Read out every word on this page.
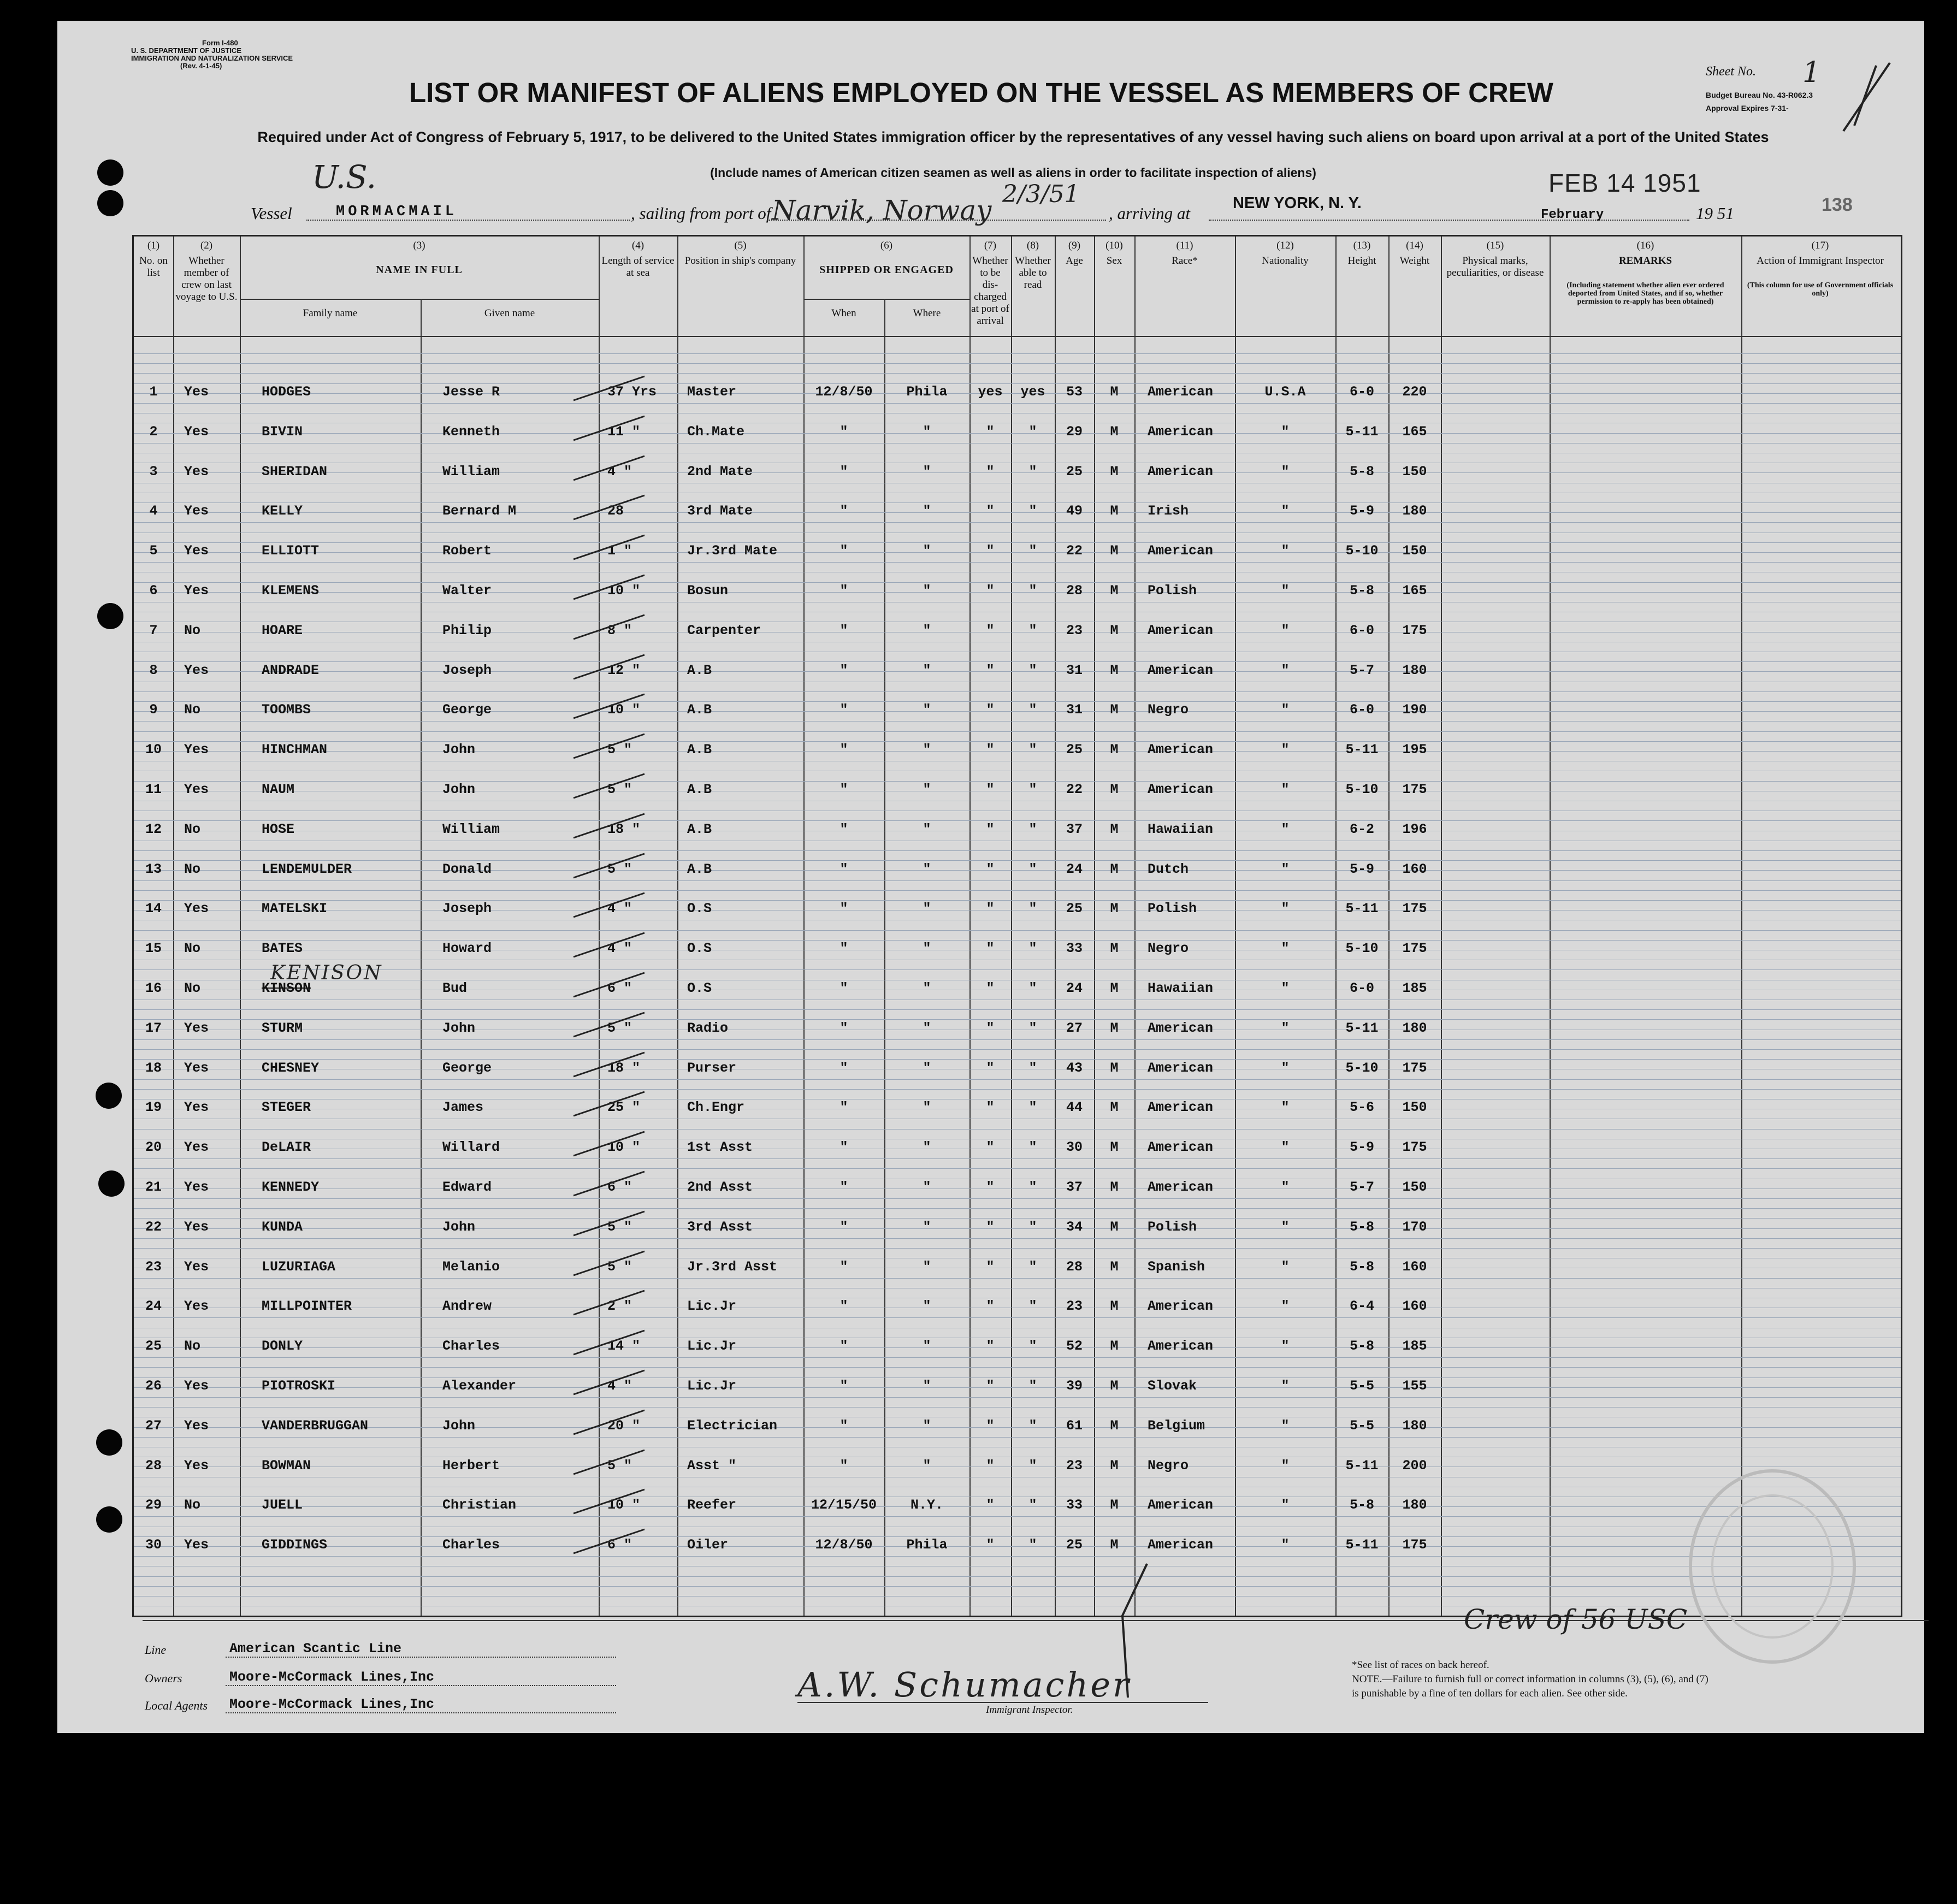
Form I-480
U. S. DEPARTMENT OF JUSTICE
IMMIGRATION AND NATURALIZATION SERVICE
(Rev. 4-1-45)
LIST OR MANIFEST OF ALIENS EMPLOYED ON THE VESSEL AS MEMBERS OF CREW
Sheet No. 1
Budget Bureau No. 43-R062.3
Approval Expires 7-31-
Required under Act of Congress of February 5, 1917, to be delivered to the United States immigration officer by the representatives of any vessel having such aliens on board upon arrival at a port of the United States
(Include names of American citizen seamen as well as aliens in order to facilitate inspection of aliens)
U.S.
Vessel	MORMACMAIL	, sailing from port of Narvik, Norway
2/3/51
, arriving at
NEW YORK, N. Y.
February	19 51
FEB 14 1951
138
(1)
No. on list
(2)
Whether member of crew on last voyage to U.S.
(3)
NAME IN FULL
Family name	Given name
(4)
Length of service at sea
(5)
Position in ship's company
(6)
SHIPPED OR ENGAGED
When	Where
(7)
Whether to be dis-charged at port of arrival
(8)
Whether able to read
(9)
Age
(10)
Sex
(11)
Race*
(12)
Nationality
(13)
Height
(14)
Weight
(15)
Physical marks, peculiarities, or disease
(16)
REMARKS
(Including statement whether alien ever ordered deported from United States, and if so, whether permission to re-apply has been obtained)
(17)
Action of Immigrant Inspector
(This column for use of Government officials only)
1	Yes	HODGES	Jesse R	37 Yrs	Master	12/8/50	Phila	yes	yes	53	M	American	U.S.A	6-0	220
2	Yes	BIVIN	Kenneth	11 "	Ch.Mate	"	"	"	"	29	M	American	"	5-11	165
3	Yes	SHERIDAN	William	4 "	2nd Mate	"	"	"	"	25	M	American	"	5-8	150
4	Yes	KELLY	Bernard M	28	3rd Mate	"	"	"	"	49	M	Irish	"	5-9	180
5	Yes	ELLIOTT	Robert	1 "	Jr.3rd Mate	"	"	"	"	22	M	American	"	5-10	150
6	Yes	KLEMENS	Walter	10 "	Bosun	"	"	"	"	28	M	Polish	"	5-8	165
7	No	HOARE	Philip	8 "	Carpenter	"	"	"	"	23	M	American	"	6-0	175
8	Yes	ANDRADE	Joseph	12 "	A.B	"	"	"	"	31	M	American	"	5-7	180
9	No	TOOMBS	George	10 "	A.B	"	"	"	"	31	M	Negro	"	6-0	190
10	Yes	HINCHMAN	John	5 "	A.B	"	"	"	"	25	M	American	"	5-11	195
11	Yes	NAUM	John	5 "	A.B	"	"	"	"	22	M	American	"	5-10	175
12	No	HOSE	William	18 "	A.B	"	"	"	"	37	M	Hawaiian	"	6-2	196
13	No	LENDEMULDER	Donald	5 "	A.B	"	"	"	"	24	M	Dutch	"	5-9	160
14	Yes	MATELSKI	Joseph	4 "	O.S	"	"	"	"	25	M	Polish	"	5-11	175
15	No	BATES	Howard	4 "	O.S	"	"	"	"	33	M	Negro	"	5-10	175
16	No	KINSON	Bud	6 "	O.S	"	"	"	"	24	M	Hawaiian	"	6-0	185
KENISON
17	Yes	STURM	John	5 "	Radio	"	"	"	"	27	M	American	"	5-11	180
18	Yes	CHESNEY	George	18 "	Purser	"	"	"	"	43	M	American	"	5-10	175
19	Yes	STEGER	James	25 "	Ch.Engr	"	"	"	"	44	M	American	"	5-6	150
20	Yes	DeLAIR	Willard	10 "	1st Asst	"	"	"	"	30	M	American	"	5-9	175
21	Yes	KENNEDY	Edward	6 "	2nd Asst	"	"	"	"	37	M	American	"	5-7	150
22	Yes	KUNDA	John	5 "	3rd Asst	"	"	"	"	34	M	Polish	"	5-8	170
23	Yes	LUZURIAGA	Melanio	5 "	Jr.3rd Asst	"	"	"	"	28	M	Spanish	"	5-8	160
24	Yes	MILLPOINTER	Andrew	2 "	Lic.Jr	"	"	"	"	23	M	American	"	6-4	160
25	No	DONLY	Charles	14 "	Lic.Jr	"	"	"	"	52	M	American	"	5-8	185
26	Yes	PIOTROSKI	Alexander	4 "	Lic.Jr	"	"	"	"	39	M	Slovak	"	5-5	155
27	Yes	VANDERBRUGGAN	John	20 "	Electrician	"	"	"	"	61	M	Belgium	"	5-5	180
28	Yes	BOWMAN	Herbert	5 "	Asst "	"	"	"	"	23	M	Negro	"	5-11	200
29	No	JUELL	Christian	10 "	Reefer	12/15/50	N.Y.	"	"	33	M	American	"	5-8	180
30	Yes	GIDDINGS	Charles	6 "	Oiler	12/8/50	Phila	"	"	25	M	American	"	5-11	175
Line	American Scantic Line
Owners	Moore-McCormack Lines,Inc
Local Agents Moore-McCormack Lines,Inc	A.W. Schumacher
Immigrant Inspector.
Crew of 56 USC
*See list of races on back hereof.
NOTE.—Failure to furnish full or correct information in columns (3), (5), (6), and (7)
is punishable by a fine of ten dollars for each alien. See other side.
